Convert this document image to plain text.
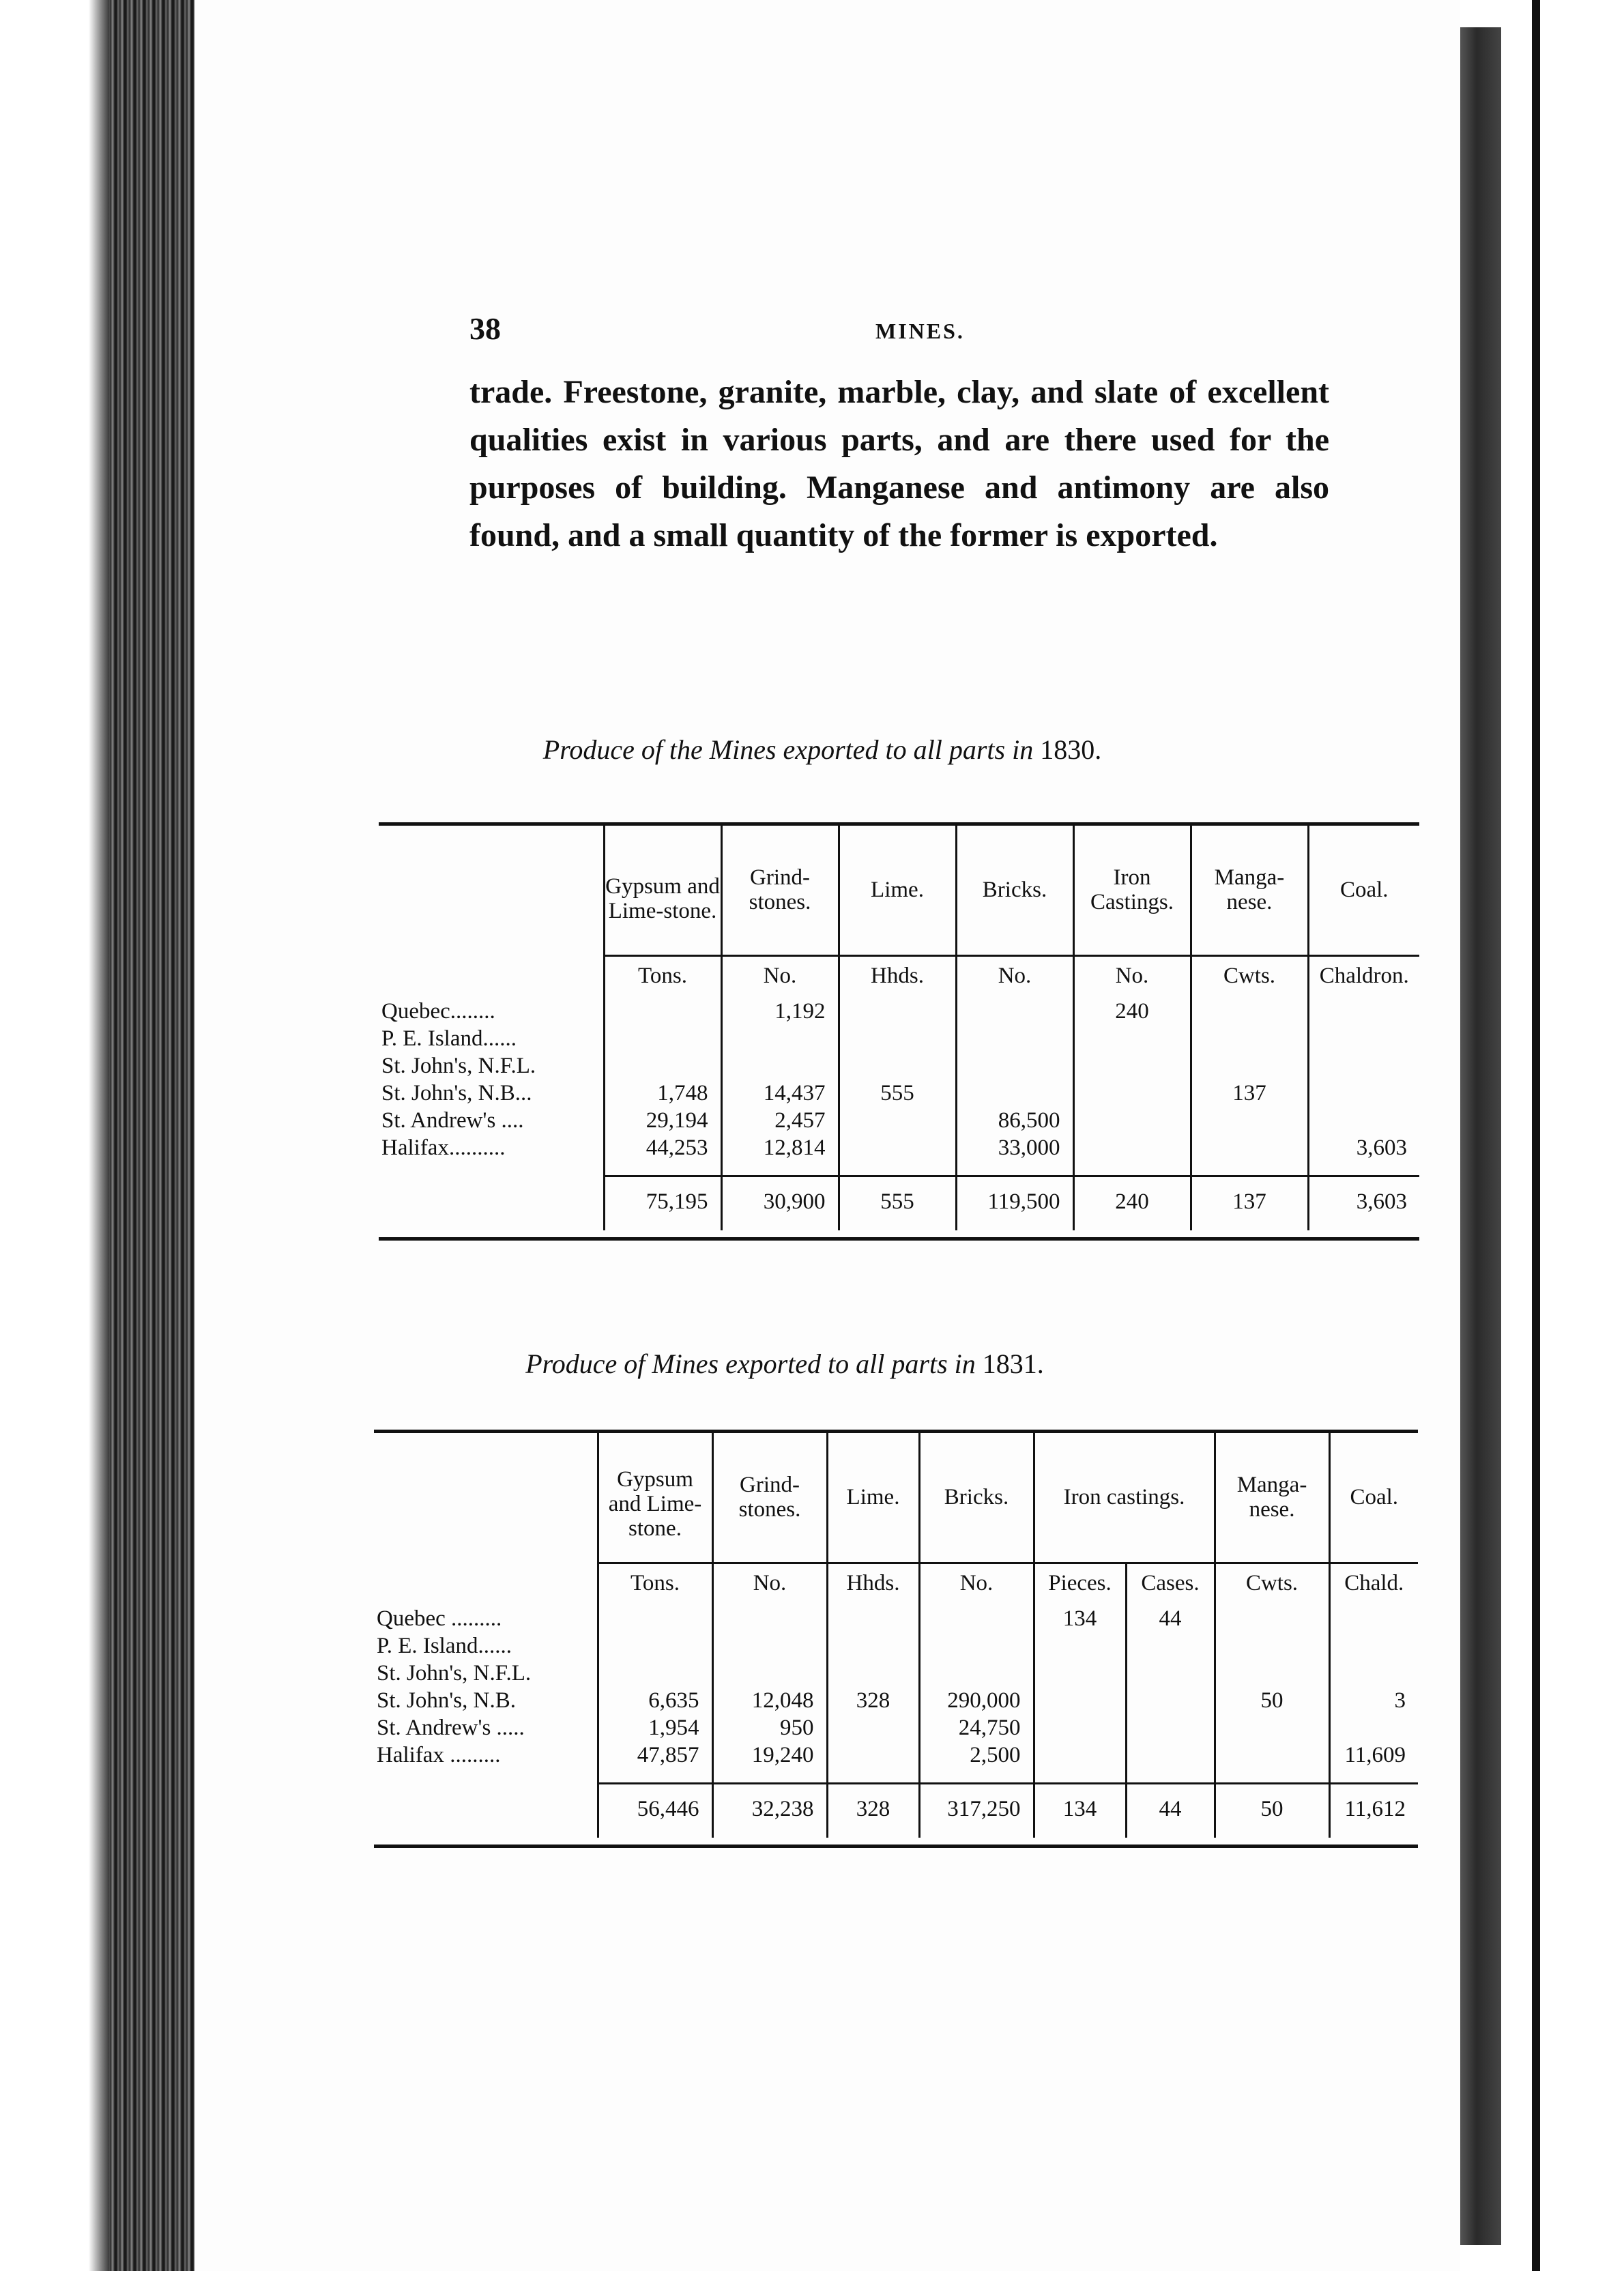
38	MINES.
trade. Freestone, granite, marble, clay, and slate of excellent qualities exist in various parts, and are there used for the purposes of building. Manganese and antimony are also found, and a small quantity of the former is exported.
Produce of the Mines exported to all parts in 1830.
	Gypsum and Lime-stone.	Grind-stones.	Lime.	Bricks.	Iron Castings.	Manga-nese.	Coal.
	Tons.	No.	Hhds.	No.	No.	Cwts.	Chaldron.
Quebec........		1,192			240		
P. E. Island......							
St. John's, N.F.L.							
St. John's, N.B...	1,748	14,437	555			137	
St. Andrew's ....	29,194	2,457		86,500			
Halifax..........	44,253	12,814		33,000			3,603

	75,195	30,900	555	119,500	240	137	3,603

Produce of Mines exported to all parts in 1831.
	Gypsum and Lime-stone.	Grind-stones.	Lime.	Bricks.	Iron castings.		Manga-nese.	Coal.
	Tons.	No.	Hhds.	No.	Pieces.	Cases.	Cwts.	Chald.
Quebec .........					134	44		
P. E. Island......								
St. John's, N.F.L.								
St. John's, N.B.	6,635	12,048	328	290,000			50	3
St. Andrew's .....	1,954	950		24,750				
Halifax .........	47,857	19,240		2,500				11,609

	56,446	32,238	328	317,250	134	44	50	11,612
